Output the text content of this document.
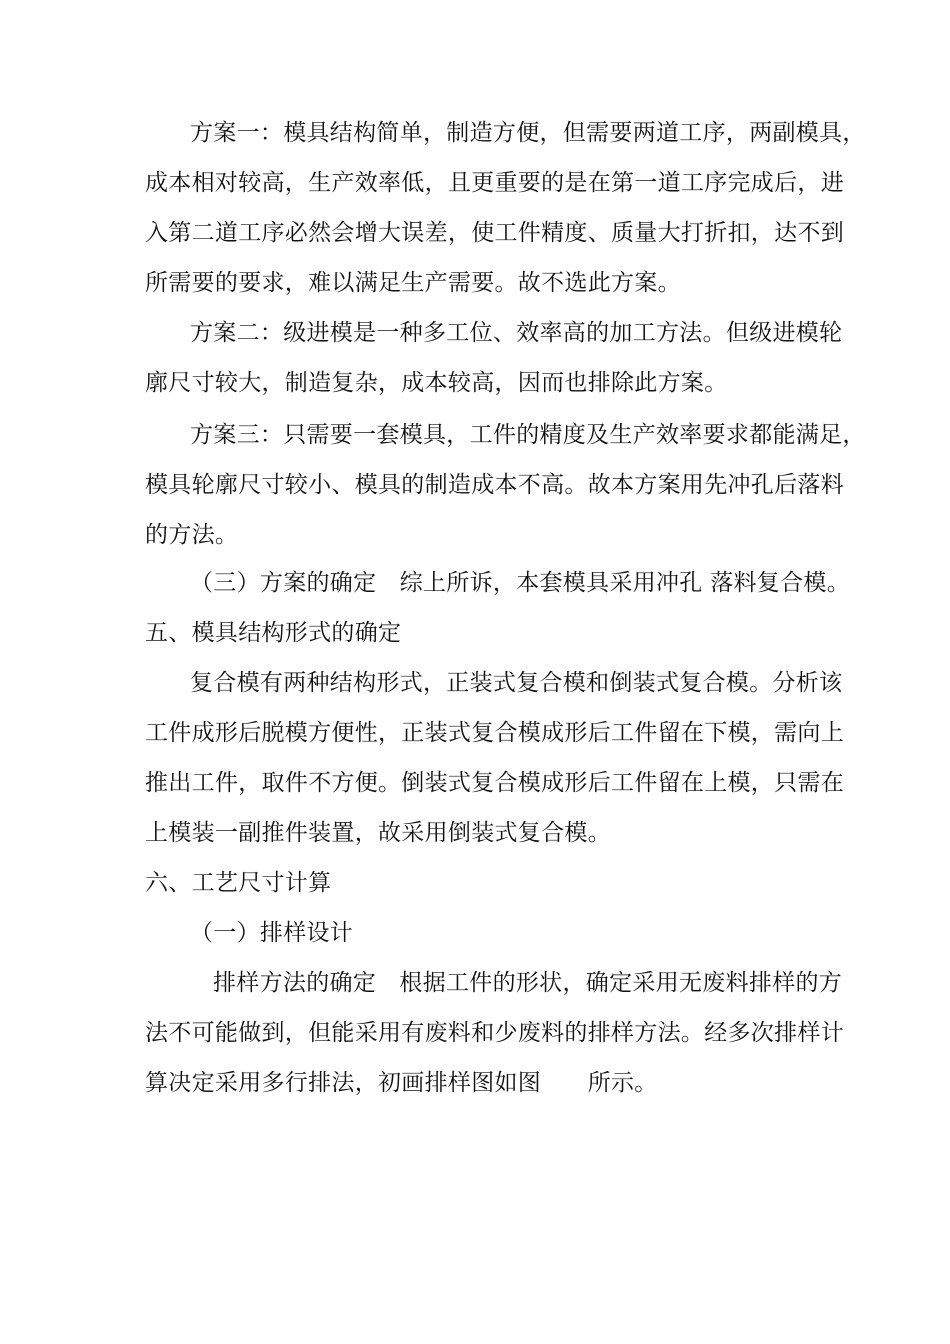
方案一：模具结构简单，制造方便，但需要两道工序，两副模具，
成本相对较高，生产效率低，且更重要的是在第一道工序完成后，进
入第二道工序必然会增大误差，使工件精度、质量大打折扣，达不到
所需要的要求，难以满足生产需要。故不选此方案。
方案二：级进模是一种多工位、效率高的加工方法。但级进模轮
廓尺寸较大，制造复杂，成本较高，因而也排除此方案。
方案三：只需要一套模具，工件的精度及生产效率要求都能满足，
模具轮廓尺寸较小、模具的制造成本不高。故本方案用先冲孔后落料
的方法。
（三）方案的确定　综上所诉，本套模具采用冲孔 落料复合模。
五、模具结构形式的确定
复合模有两种结构形式，正装式复合模和倒装式复合模。分析该
工件成形后脱模方便性，正装式复合模成形后工件留在下模，需向上
推出工件，取件不方便。倒装式复合模成形后工件留在上模，只需在
上模装一副推件装置，故采用倒装式复合模。
六、工艺尺寸计算
（一）排样设计
排样方法的确定　根据工件的形状，确定采用无废料排样的方
法不可能做到，但能采用有废料和少废料的排样方法。经多次排样计
算决定采用多行排法，初画排样图如图　　所示。
